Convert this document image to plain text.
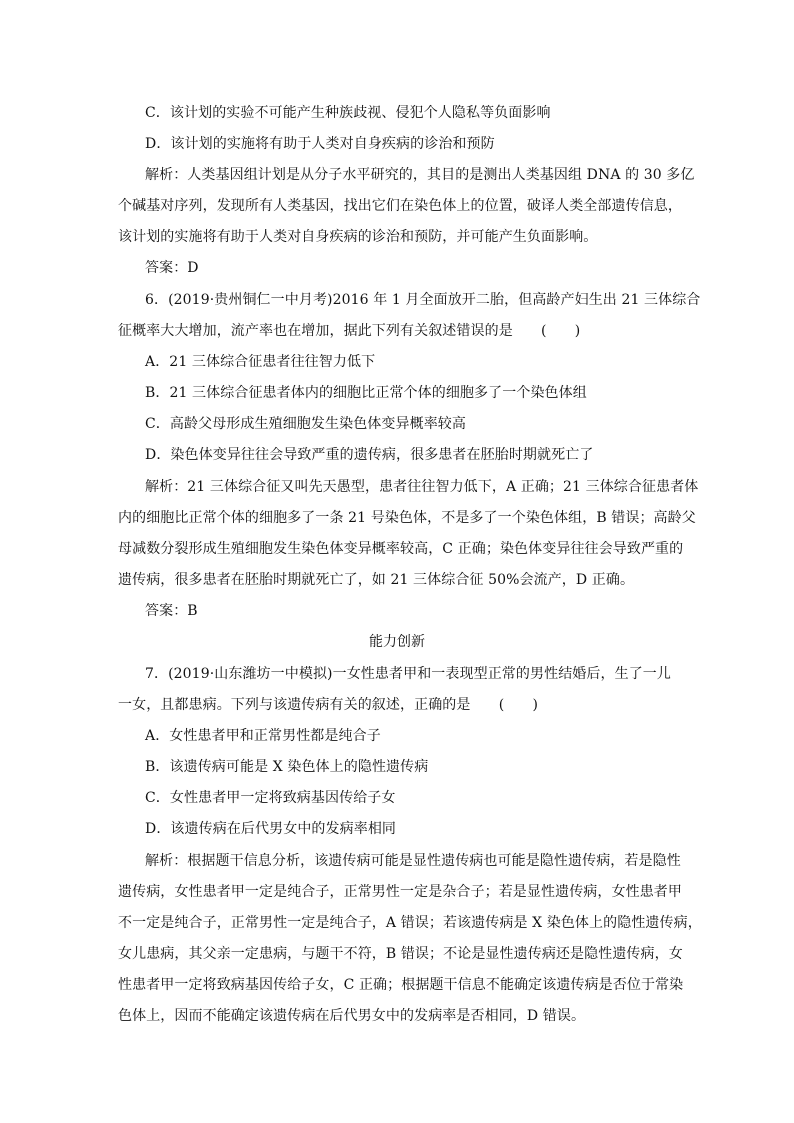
C．该计划的实验不可能产生种族歧视、侵犯个人隐私等负面影响
D．该计划的实施将有助于人类对自身疾病的诊治和预防
解析：人类基因组计划是从分子水平研究的，其目的是测出人类基因组 DNA 的 30 多亿
个碱基对序列，发现所有人类基因，找出它们在染色体上的位置，破译人类全部遗传信息，
该计划的实施将有助于人类对自身疾病的诊治和预防，并可能产生负面影响。
答案：D
6．(2019·贵州铜仁一中月考)2016 年 1 月全面放开二胎，但高龄产妇生出 21 三体综合
征概率大大增加，流产率也在增加，据此下列有关叙述错误的是　　(　　)
A．21 三体综合征患者往往智力低下
B．21 三体综合征患者体内的细胞比正常个体的细胞多了一个染色体组
C．高龄父母形成生殖细胞发生染色体变异概率较高
D．染色体变异往往会导致严重的遗传病，很多患者在胚胎时期就死亡了
解析：21 三体综合征又叫先天愚型，患者往往智力低下，A 正确；21 三体综合征患者体
内的细胞比正常个体的细胞多了一条 21 号染色体，不是多了一个染色体组，B 错误；高龄父
母减数分裂形成生殖细胞发生染色体变异概率较高，C 正确；染色体变异往往会导致严重的
遗传病，很多患者在胚胎时期就死亡了，如 21 三体综合征 50%会流产，D 正确。
答案：B
能力创新
7．(2019·山东潍坊一中模拟)一女性患者甲和一表现型正常的男性结婚后，生了一儿
一女，且都患病。下列与该遗传病有关的叙述，正确的是　　(　　)
A．女性患者甲和正常男性都是纯合子
B．该遗传病可能是 X 染色体上的隐性遗传病
C．女性患者甲一定将致病基因传给子女
D．该遗传病在后代男女中的发病率相同
解析：根据题干信息分析，该遗传病可能是显性遗传病也可能是隐性遗传病，若是隐性
遗传病，女性患者甲一定是纯合子，正常男性一定是杂合子；若是显性遗传病，女性患者甲
不一定是纯合子，正常男性一定是纯合子，A 错误；若该遗传病是 X 染色体上的隐性遗传病，
女儿患病，其父亲一定患病，与题干不符，B 错误；不论是显性遗传病还是隐性遗传病，女
性患者甲一定将致病基因传给子女，C 正确；根据题干信息不能确定该遗传病是否位于常染
色体上，因而不能确定该遗传病在后代男女中的发病率是否相同，D 错误。
